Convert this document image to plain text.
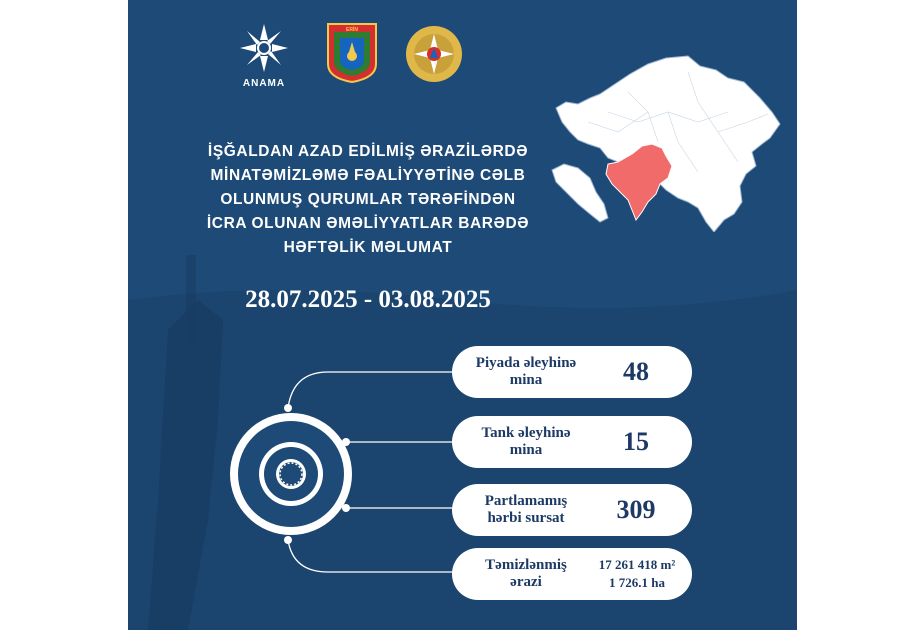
ANAMA
ERİN
İŞĞALDAN AZAD EDİLMİŞ ƏRAZİLƏRDƏ
MİNATƏMİZLƏMƏ FƏALİYYƏTİNƏ CƏLB
OLUNMUŞ QURUMLAR TƏRƏFİNDƏN
İCRA OLUNAN ƏMƏLİYYATLAR BARƏDƏ
HƏFTƏLİK MƏLUMAT
28.07.2025 - 03.08.2025
Piyada əleyhinə
mina	48
Tank əleyhinə
mina	15
Partlamamış
hərbi sursat	309
Təmizlənmiş
ərazi
17 261 418 m²
1 726.1 ha
